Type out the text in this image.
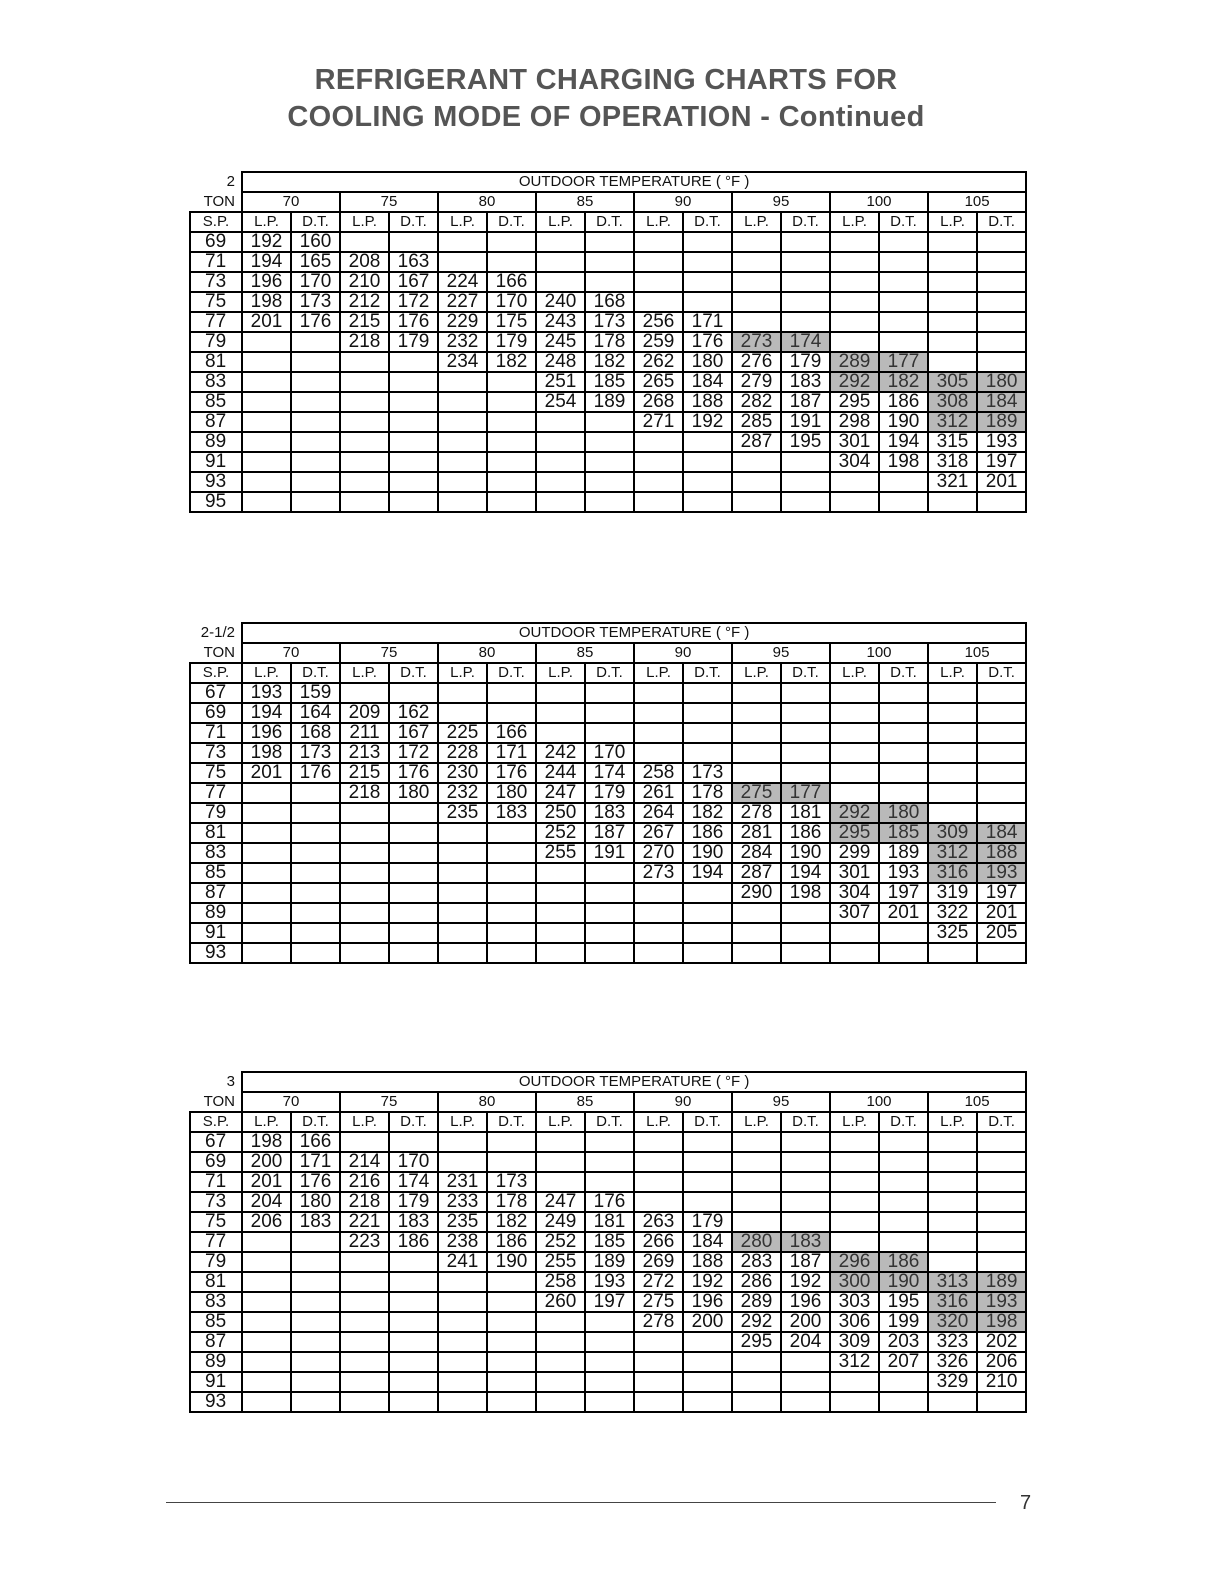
REFRIGERANT CHARGING CHARTS FOR
COOLING MODE OF OPERATION - Continued
2	OUTDOOR TEMPERATURE ( °F )															
TON	70		75		80		85		90		95		100		105	
S.P.	L.P.	D.T.	L.P.	D.T.	L.P.	D.T.	L.P.	D.T.	L.P.	D.T.	L.P.	D.T.	L.P.	D.T.	L.P.	D.T.
69	192	160														
71	194	165	208	163												
73	196	170	210	167	224	166										
75	198	173	212	172	227	170	240	168								
77	201	176	215	176	229	175	243	173	256	171						
79			218	179	232	179	245	178	259	176	273	174				
81					234	182	248	182	262	180	276	179	289	177		
83							251	185	265	184	279	183	292	182	305	180
85							254	189	268	188	282	187	295	186	308	184
87									271	192	285	191	298	190	312	189
89											287	195	301	194	315	193
91													304	198	318	197
93															321	201
95																
2-1/2	OUTDOOR TEMPERATURE ( °F )															
TON	70		75		80		85		90		95		100		105	
S.P.	L.P.	D.T.	L.P.	D.T.	L.P.	D.T.	L.P.	D.T.	L.P.	D.T.	L.P.	D.T.	L.P.	D.T.	L.P.	D.T.
67	193	159														
69	194	164	209	162												
71	196	168	211	167	225	166										
73	198	173	213	172	228	171	242	170								
75	201	176	215	176	230	176	244	174	258	173						
77			218	180	232	180	247	179	261	178	275	177				
79					235	183	250	183	264	182	278	181	292	180		
81							252	187	267	186	281	186	295	185	309	184
83							255	191	270	190	284	190	299	189	312	188
85									273	194	287	194	301	193	316	193
87											290	198	304	197	319	197
89													307	201	322	201
91															325	205
93																
3	OUTDOOR TEMPERATURE ( °F )															
TON	70		75		80		85		90		95		100		105	
S.P.	L.P.	D.T.	L.P.	D.T.	L.P.	D.T.	L.P.	D.T.	L.P.	D.T.	L.P.	D.T.	L.P.	D.T.	L.P.	D.T.
67	198	166														
69	200	171	214	170												
71	201	176	216	174	231	173										
73	204	180	218	179	233	178	247	176								
75	206	183	221	183	235	182	249	181	263	179						
77			223	186	238	186	252	185	266	184	280	183				
79					241	190	255	189	269	188	283	187	296	186		
81							258	193	272	192	286	192	300	190	313	189
83							260	197	275	196	289	196	303	195	316	193
85									278	200	292	200	306	199	320	198
87											295	204	309	203	323	202
89													312	207	326	206
91															329	210
93																
7
